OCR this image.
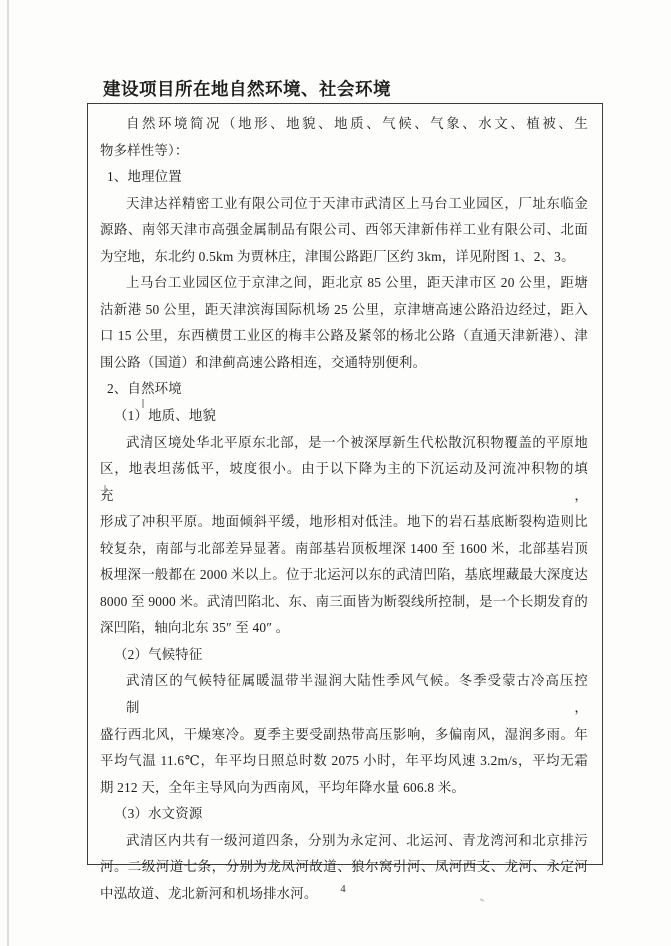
建设项目所在地自然环境、社会环境
自然环境简况（地形、地貌、地质、气候、气象、水文、植被、生
物多样性等）：
1、地理位置
天津达祥精密工业有限公司位于天津市武清区上马台工业园区，厂址东临金
源路、南邻天津市高强金属制品有限公司、西邻天津新伟祥工业有限公司、北面
为空地，东北约 0.5km 为贾林庄，津围公路距厂区约 3km，详见附图 1、2、3。
上马台工业园区位于京津之间，距北京 85 公里，距天津市区 20 公里，距塘
沽新港 50 公里，距天津滨海国际机场 25 公里，京津塘高速公路沿边经过，距入
口 15 公里，东西横贯工业区的梅丰公路及紧邻的杨北公路（直通天津新港）、津
围公路（国道）和津蓟高速公路相连，交通特别便利。
2、自然环境
（1）地质、地貌
武清区境处华北平原东北部，是一个被深厚新生代松散沉积物覆盖的平原地
区，地表坦荡低平，坡度很小。由于以下降为主的下沉运动及河流冲积物的填充，
形成了冲积平原。地面倾斜平缓，地形相对低洼。地下的岩石基底断裂构造则比
较复杂，南部与北部差异显著。南部基岩顶板埋深 1400 至 1600 米，北部基岩顶
板埋深一般都在 2000 米以上。位于北运河以东的武清凹陷，基底埋藏最大深度达
8000 至 9000 米。武清凹陷北、东、南三面皆为断裂线所控制，是一个长期发育的
深凹陷，轴向北东 35″ 至 40″ 。
（2）气候特征
武清区的气候特征属暖温带半湿润大陆性季风气候。冬季受蒙古冷高压控制，
盛行西北风，干燥寒冷。夏季主要受副热带高压影响，多偏南风，湿润多雨。年
平均气温 11.6℃，年平均日照总时数 2075 小时，年平均风速 3.2m/s，平均无霜
期 212 天，全年主导风向为西南风，平均年降水量 606.8 米。
（3）水文资源
武清区内共有一级河道四条，分别为永定河、北运河、青龙湾河和北京排污
河。二级河道七条，分别为龙凤河故道、狼尔窝引河、凤河西支、龙河、永定河
中泓故道、龙北新河和机场排水河。	4
